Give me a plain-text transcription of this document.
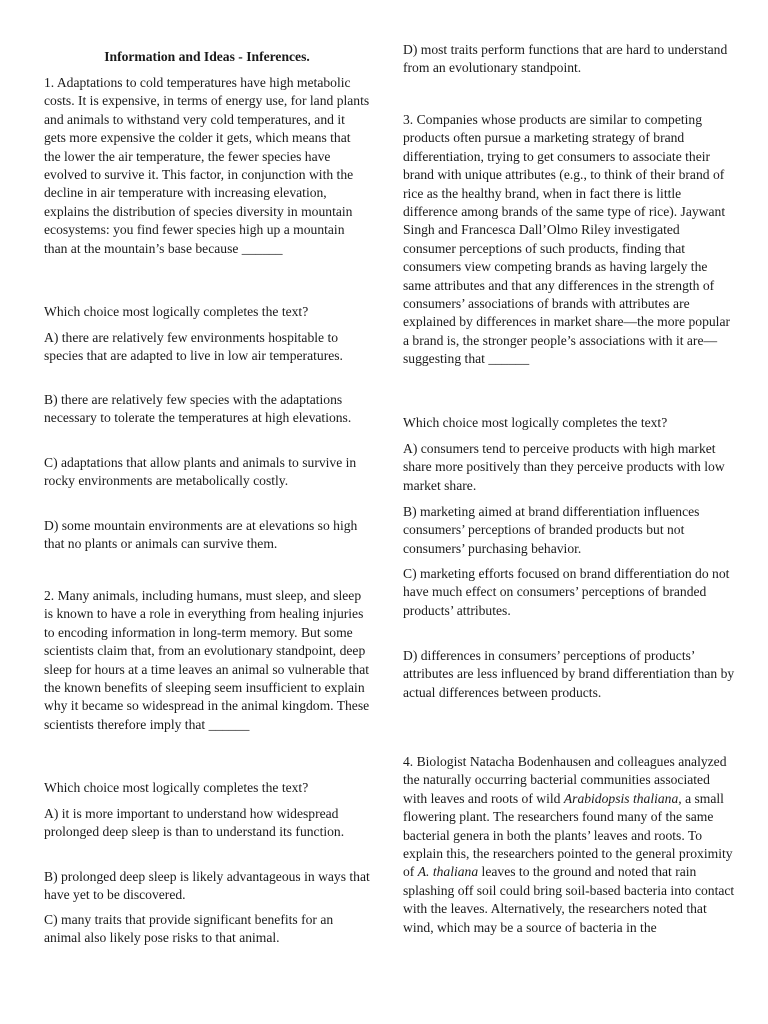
Information and Ideas - Inferences.

1. Adaptations to cold temperatures have high metabolic costs. It is expensive, in terms of energy use, for land plants and animals to withstand very cold temperatures, and it gets more expensive the colder it gets, which means that the lower the air temperature, the fewer species have evolved to survive it. This factor, in conjunction with the decline in air temperature with increasing elevation, explains the distribution of species diversity in mountain ecosystems: you find fewer species high up a mountain than at the mountain’s base because ______

Which choice most logically completes the text?

A) there are relatively few environments hospitable to species that are adapted to live in low air temperatures.

B) there are relatively few species with the adaptations necessary to tolerate the temperatures at high elevations.

C) adaptations that allow plants and animals to survive in rocky environments are metabolically costly.

D) some mountain environments are at elevations so high that no plants or animals can survive them.

2. Many animals, including humans, must sleep, and sleep is known to have a role in everything from healing injuries to encoding information in long-term memory. But some scientists claim that, from an evolutionary standpoint, deep sleep for hours at a time leaves an animal so vulnerable that the known benefits of sleeping seem insufficient to explain why it became so widespread in the animal kingdom. These scientists therefore imply that ______

Which choice most logically completes the text?

A) it is more important to understand how widespread prolonged deep sleep is than to understand its function.

B) prolonged deep sleep is likely advantageous in ways that have yet to be discovered.

C) many traits that provide significant benefits for an animal also likely pose risks to that animal.

D) most traits perform functions that are hard to understand from an evolutionary standpoint.

3. Companies whose products are similar to competing products often pursue a marketing strategy of brand differentiation, trying to get consumers to associate their brand with unique attributes (e.g., to think of their brand of rice as the healthy brand, when in fact there is little difference among brands of the same type of rice). Jaywant Singh and Francesca Dall’Olmo Riley investigated consumer perceptions of such products, finding that consumers view competing brands as having largely the same attributes and that any differences in the strength of consumers’ associations of brands with attributes are explained by differences in market share—the more popular a brand is, the stronger people’s associations with it are—suggesting that ______

Which choice most logically completes the text?

A) consumers tend to perceive products with high market share more positively than they perceive products with low market share.

B) marketing aimed at brand differentiation influences consumers’ perceptions of branded products but not consumers’ purchasing behavior.

C) marketing efforts focused on brand differentiation do not have much effect on consumers’ perceptions of branded products’ attributes.

D) differences in consumers’ perceptions of products’ attributes are less influenced by brand differentiation than by actual differences between products.

4. Biologist Natacha Bodenhausen and colleagues analyzed the naturally occurring bacterial communities associated with leaves and roots of wild Arabidopsis thaliana, a small flowering plant. The researchers found many of the same bacterial genera in both the plants’ leaves and roots. To explain this, the researchers pointed to the general proximity of A. thaliana leaves to the ground and noted that rain splashing off soil could bring soil-based bacteria into contact with the leaves. Alternatively, the researchers noted that wind, which may be a source of bacteria in the
